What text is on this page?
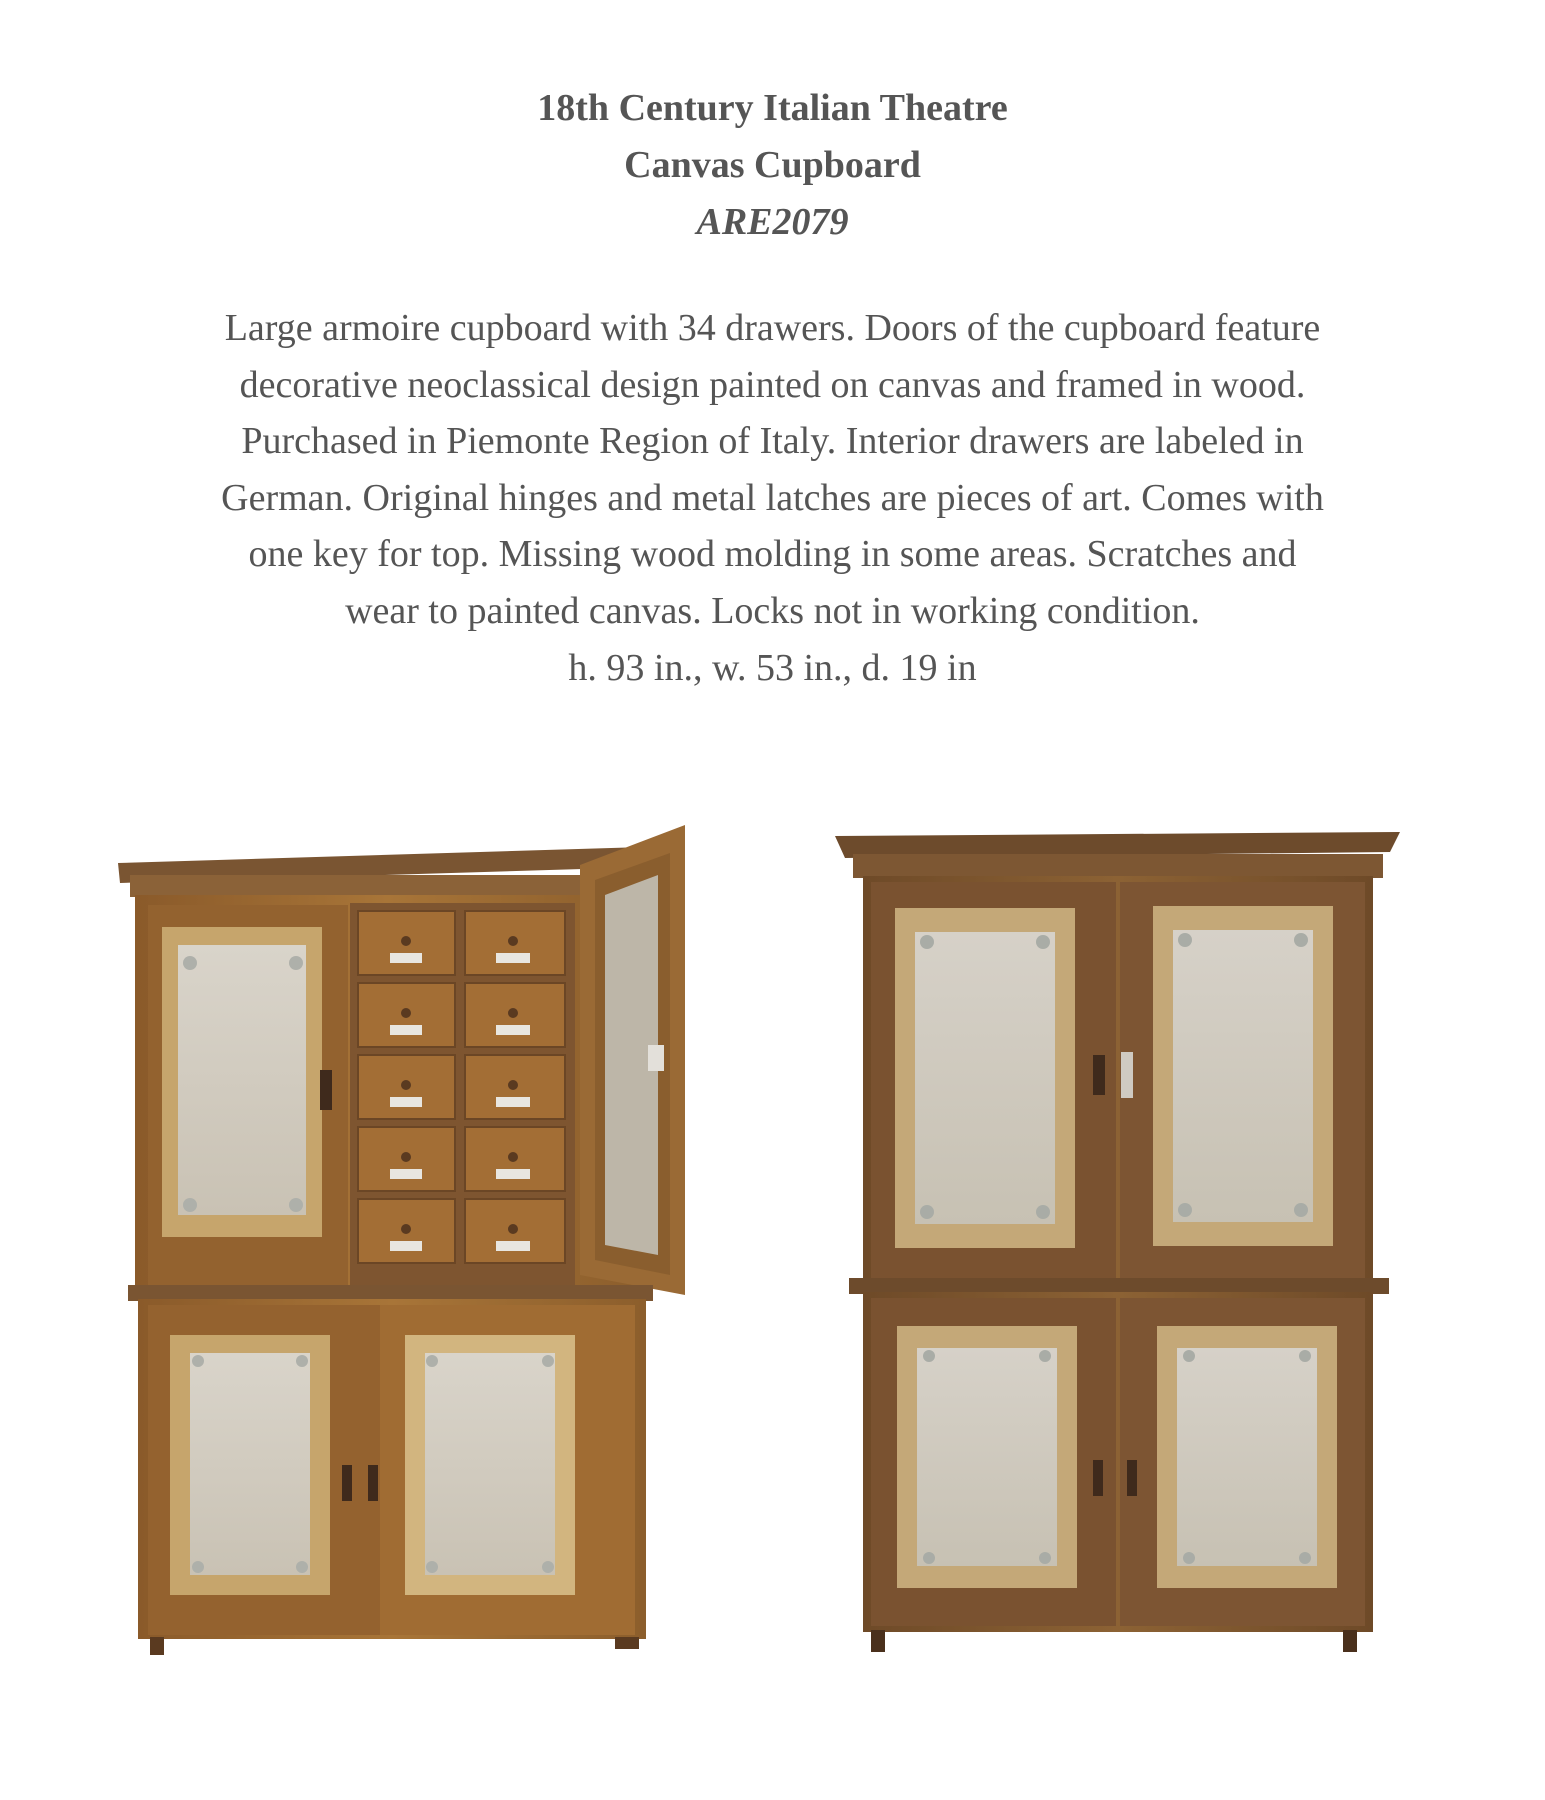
18th Century Italian Theatre
Canvas Cupboard
ARE2079
Large armoire cupboard with 34 drawers. Doors of the cupboard feature
decorative neoclassical design painted on canvas and framed in wood.
Purchased in Piemonte Region of Italy. Interior drawers are labeled in
German. Original hinges and metal latches are pieces of art. Comes with
one key for top. Missing wood molding in some areas. Scratches and
wear to painted canvas. Locks not in working condition.
h. 93 in., w. 53 in., d. 19 in
